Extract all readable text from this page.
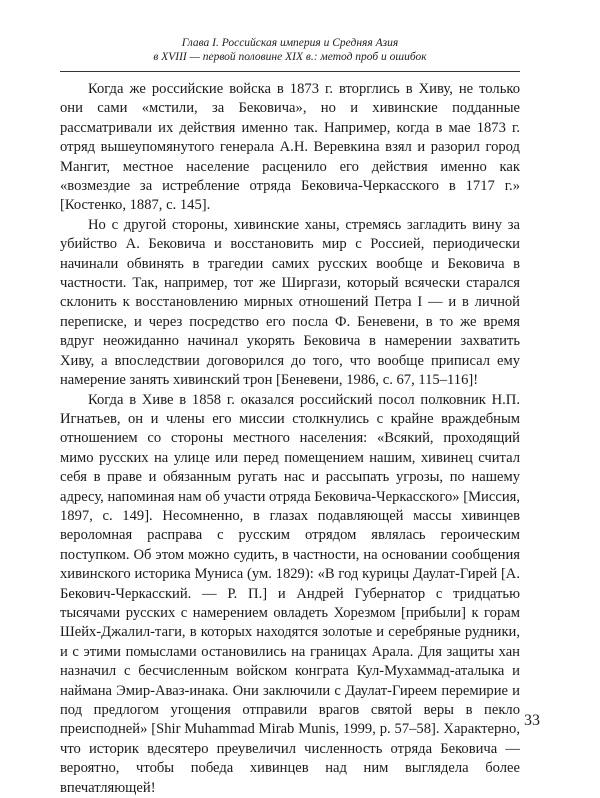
Глава I. Российская империя и Средняя Азия
в XVIII — первой половине XIX в.: метод проб и ошибок

Когда же российские войска в 1873 г. вторглись в Хиву, не только они сами «мстили, за Бековича», но и хивинские подданные рассматривали их действия именно так. Например, когда в мае 1873 г. отряд вышеупомянутого генерала А.Н. Веревкина взял и разорил город Мангит, местное население расценило его действия именно как «возмездие за истребление отряда Бековича-Черкасского в 1717 г.» [Костенко, 1887, с. 145].

Но с другой стороны, хивинские ханы, стремясь загладить вину за убийство А. Бековича и восстановить мир с Россией, периодически начинали обвинять в трагедии самих русских вообще и Бековича в частности. Так, например, тот же Ширгази, который всячески старался склонить к восстановлению мирных отношений Петра I — и в личной переписке, и через посредство его посла Ф. Беневени, в то же время вдруг неожиданно начинал укорять Бековича в намерении захватить Хиву, а впоследствии договорился до того, что вообще приписал ему намерение занять хивинский трон [Беневени, 1986, с. 67, 115–116]!

Когда в Хиве в 1858 г. оказался российский посол полковник Н.П. Игнатьев, он и члены его миссии столкнулись с крайне враждебным отношением со стороны местного населения: «Всякий, проходящий мимо русских на улице или перед помещением нашим, хивинец считал себя в праве и обязанным ругать нас и рассыпать угрозы, по нашему адресу, напоминая нам об участи отряда Бековича-Черкасского» [Миссия, 1897, с. 149]. Несомненно, в глазах подавляющей массы хивинцев вероломная расправа с русским отрядом являлась героическим поступком. Об этом можно судить, в частности, на основании сообщения хивинского историка Муниса (ум. 1829): «В год курицы Даулат-Гирей [А. Бекович-Черкасский. — Р. П.] и Андрей Губернатор с тридцатью тысячами русских с намерением овладеть Хорезмом [прибыли] к горам Шейх-Джалил-таги, в которых находятся золотые и серебряные рудники, и с этими помыслами остановились на границах Арала. Для защиты хан назначил с бесчисленным войском конграта Кул-Мухаммад-аталыка и найманa Эмир-Аваз-инака. Они заключили с Даулат-Гиреем перемирие и под предлогом угощения отправили врагов святой веры в пекло преисподней» [Shir Muhammad Mirab Munis, 1999, p. 57–58]. Характерно, что историк вдесятеро преувеличил численность отряда Бековича — вероятно, чтобы победа хивинцев над ним выглядела более впечатляющей!

33
